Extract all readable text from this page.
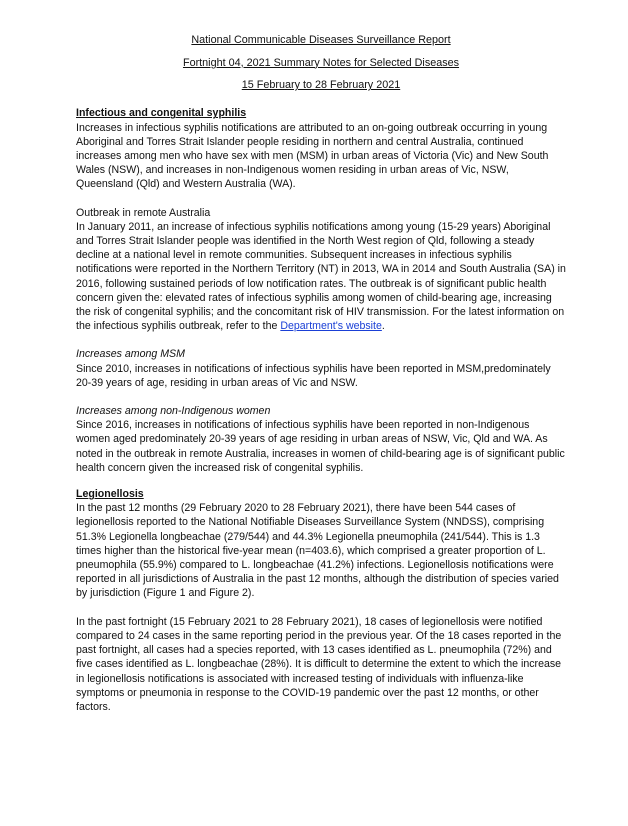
National Communicable Diseases Surveillance Report
Fortnight 04, 2021 Summary Notes for Selected Diseases
15 February to 28 February 2021
Infectious and congenital syphilis

Increases in infectious syphilis notifications are attributed to an on-going outbreak occurring in young Aboriginal and Torres Strait Islander people residing in northern and central Australia, continued increases among men who have sex with men (MSM) in urban areas of Victoria (Vic) and New South Wales (NSW), and increases in non-Indigenous women residing in urban areas of Vic, NSW, Queensland (Qld) and Western Australia (WA).

Outbreak in remote Australia

In January 2011, an increase of infectious syphilis notifications among young (15-29 years) Aboriginal and Torres Strait Islander people was identified in the North West region of Qld, following a steady decline at a national level in remote communities. Subsequent increases in infectious syphilis notifications were reported in the Northern Territory (NT) in 2013, WA in 2014 and South Australia (SA) in 2016, following sustained periods of low notification rates. The outbreak is of significant public health concern given the: elevated rates of infectious syphilis among women of child-bearing age, increasing the risk of congenital syphilis; and the concomitant risk of HIV transmission. For the latest information on the infectious syphilis outbreak, refer to the Department's website.

Increases among MSM

Since 2010, increases in notifications of infectious syphilis have been reported in MSM,predominately 20-39 years of age, residing in urban areas of Vic and NSW.

Increases among non-Indigenous women

Since 2016, increases in notifications of infectious syphilis have been reported in non-Indigenous women aged predominately 20-39 years of age residing in urban areas of NSW, Vic, Qld and WA. As noted in the outbreak in remote Australia, increases in women of child-bearing age is of significant public health concern given the increased risk of congenital syphilis.

Legionellosis

In the past 12 months (29 February 2020 to 28 February 2021), there have been 544 cases of legionellosis reported to the National Notifiable Diseases Surveillance System (NNDSS), comprising 51.3% Legionella longbeachae (279/544) and 44.3% Legionella pneumophila (241/544). This is 1.3 times higher than the historical five-year mean (n=403.6), which comprised a greater proportion of L. pneumophila (55.9%) compared to L. longbeachae (41.2%) infections. Legionellosis notifications were reported in all jurisdictions of Australia in the past 12 months, although the distribution of species varied by jurisdiction (Figure 1 and Figure 2).

In the past fortnight (15 February 2021 to 28 February 2021), 18 cases of legionellosis were notified compared to 24 cases in the same reporting period in the previous year. Of the 18 cases reported in the past fortnight, all cases had a species reported, with 13 cases identified as L. pneumophila (72%) and five cases identified as L. longbeachae (28%). It is difficult to determine the extent to which the increase in legionellosis notifications is associated with increased testing of individuals with influenza-like symptoms or pneumonia in response to the COVID-19 pandemic over the past 12 months, or other factors.
